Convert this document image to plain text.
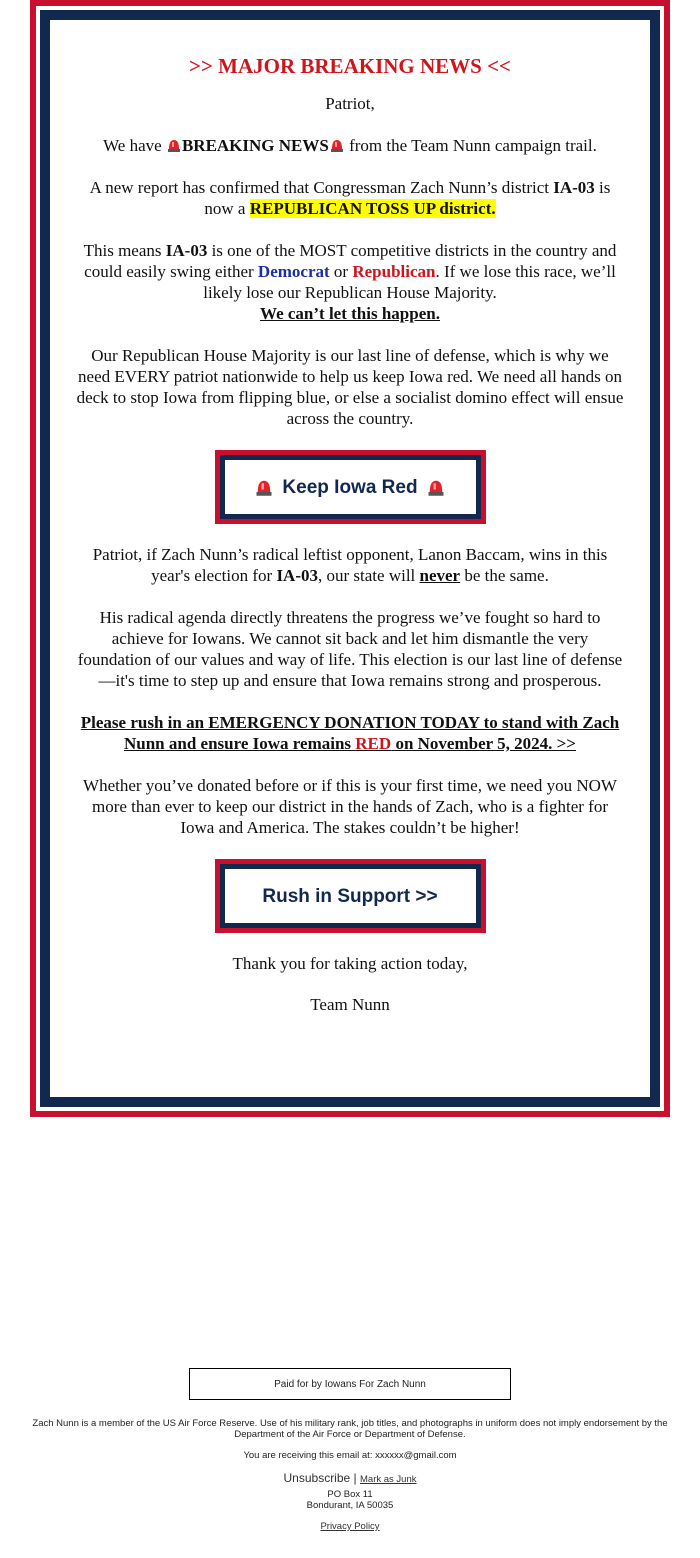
>> MAJOR BREAKING NEWS <<

Patriot,

We have BREAKING NEWS from the Team Nunn campaign trail.

A new report has confirmed that Congressman Zach Nunn’s district IA-03 is now a REPUBLICAN TOSS UP district.

This means IA-03 is one of the MOST competitive districts in the country and could easily swing either Democrat or Republican. If we lose this race, we’ll likely lose our Republican House Majority.
We can’t let this happen.

Our Republican House Majority is our last line of defense, which is why we need EVERY patriot nationwide to help us keep Iowa red. We need all hands on deck to stop Iowa from flipping blue, or else a socialist domino effect will ensue across the country.

Keep Iowa Red

Patriot, if Zach Nunn’s radical leftist opponent, Lanon Baccam, wins in this year's election for IA-03, our state will never be the same.

His radical agenda directly threatens the progress we’ve fought so hard to achieve for Iowans. We cannot sit back and let him dismantle the very foundation of our values and way of life. This election is our last line of defense—it's time to step up and ensure that Iowa remains strong and prosperous.

Please rush in an EMERGENCY DONATION TODAY to stand with Zach Nunn and ensure Iowa remains RED on November 5, 2024. >>

Whether you’ve donated before or if this is your first time, we need you NOW more than ever to keep our district in the hands of Zach, who is a fighter for Iowa and America. The stakes couldn’t be higher!

Rush in Support >>

Thank you for taking action today,

Team Nunn

Paid for by Iowans For Zach Nunn
Zach Nunn is a member of the US Air Force Reserve. Use of his military rank, job titles, and photographs in uniform does not imply endorsement by the Department of the Air Force or Department of Defense.
You are receiving this email at: xxxxxx@gmail.com
Unsubscribe | Mark as Junk
PO Box 11
Bondurant, IA 50035
Privacy Policy
